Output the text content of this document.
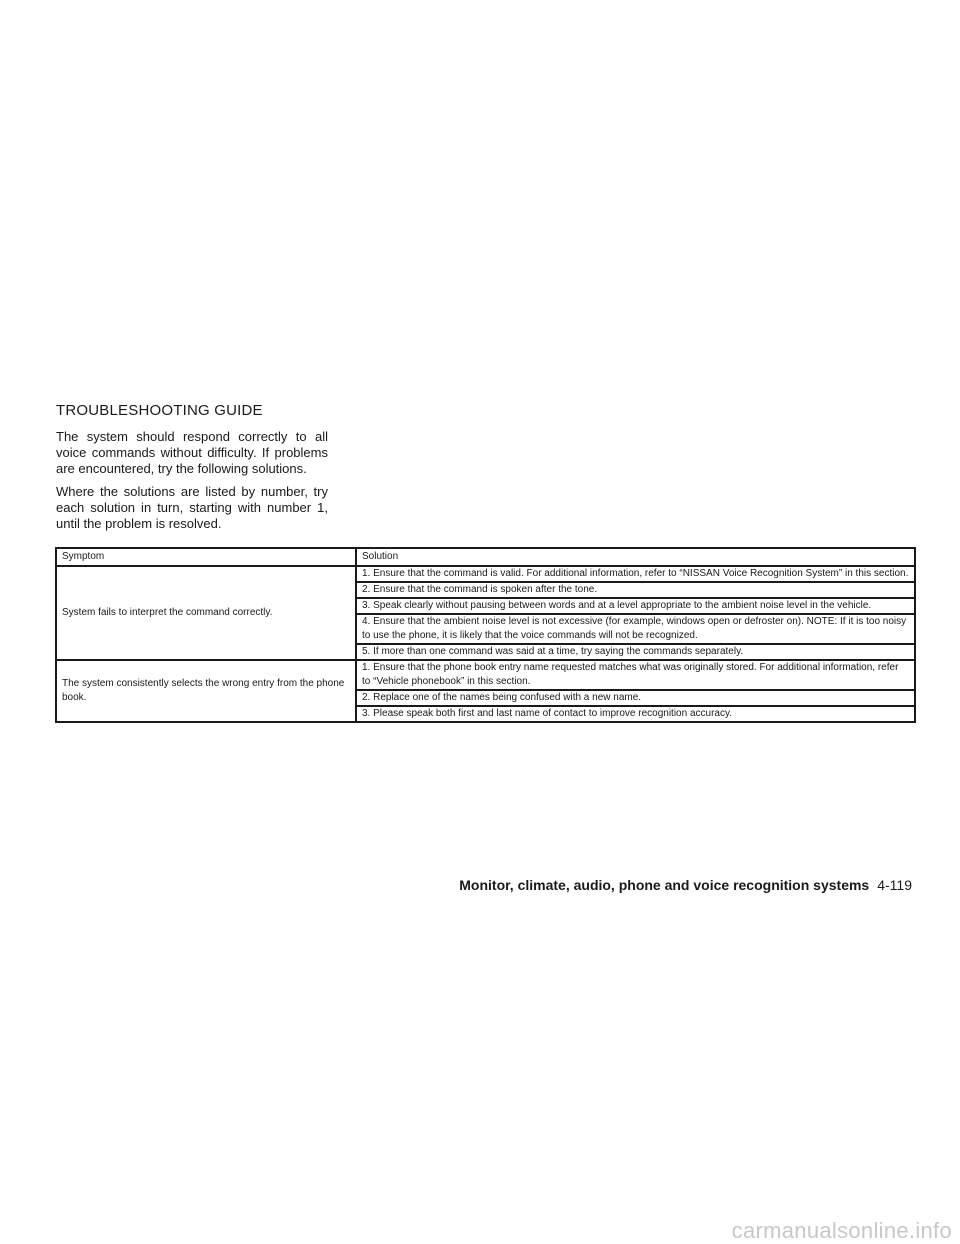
TROUBLESHOOTING GUIDE

The system should respond correctly to all voice commands without difficulty. If problems are encountered, try the following solutions.

Where the solutions are listed by number, try each solution in turn, starting with number 1, until the problem is resolved.

Symptom	Solution
System fails to interpret the command correctly.	1. Ensure that the command is valid. For additional information, refer to “NISSAN Voice Recognition System” in this section.
	2. Ensure that the command is spoken after the tone.
	3. Speak clearly without pausing between words and at a level appropriate to the ambient noise level in the vehicle.
	4. Ensure that the ambient noise level is not excessive (for example, windows open or defroster on). NOTE: If it is too noisy to use the phone, it is likely that the voice commands will not be recognized.
	5. If more than one command was said at a time, try saying the commands separately.
The system consistently selects the wrong entry from the phone book.	1. Ensure that the phone book entry name requested matches what was originally stored. For additional information, refer to “Vehicle phonebook” in this section.
	2. Replace one of the names being confused with a new name.
	3. Please speak both first and last name of contact to improve recognition accuracy.
Monitor, climate, audio, phone and voice recognition systems 4-119
carmanualsonline.info
